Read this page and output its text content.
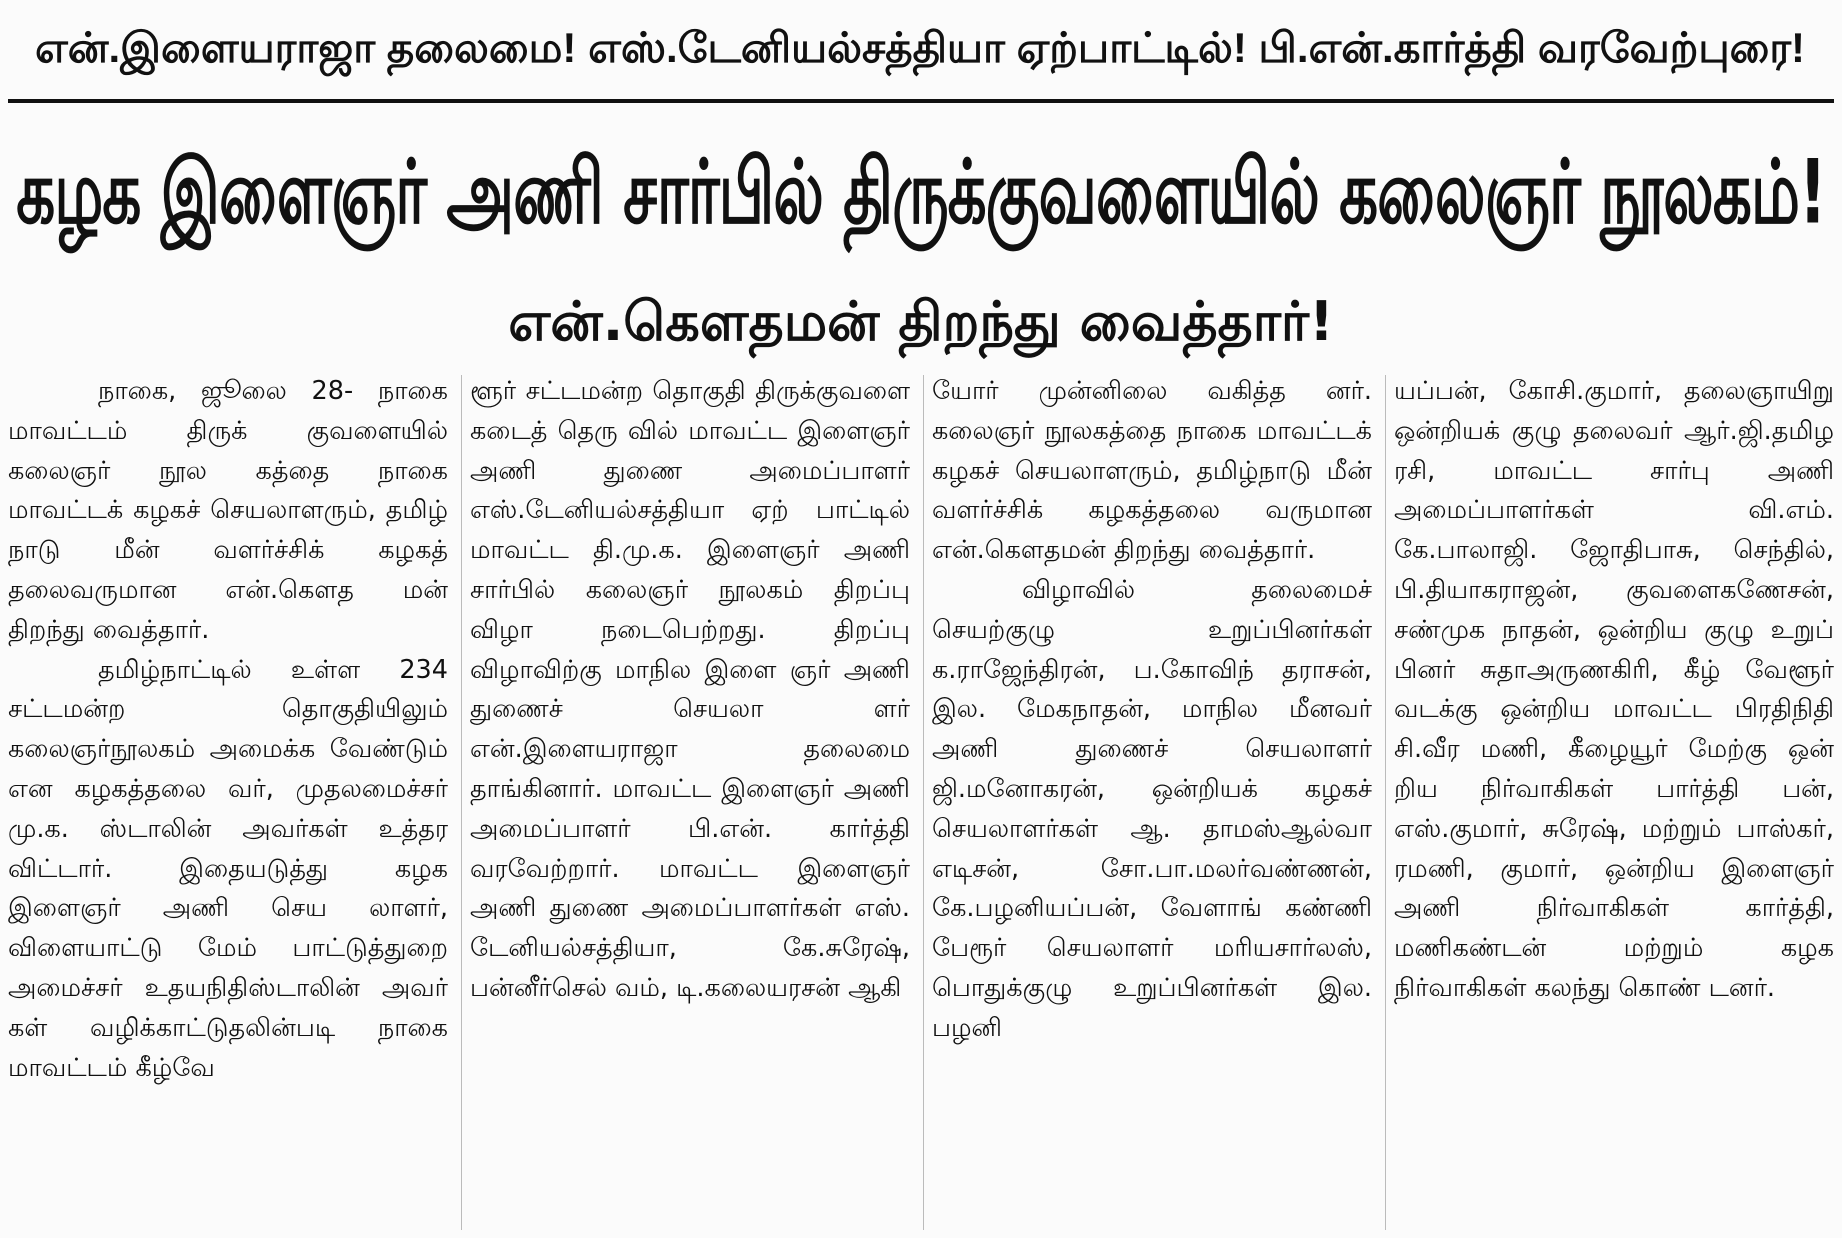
என்.இளையராஜா தலைமை! எஸ்.டேனியல்சத்தியா ஏற்பாட்டில்! பி.என்.கார்த்தி வரவேற்புரை!
கழக இளைஞர் அணி சார்பில் திருக்குவளையில் கலைஞர் நூலகம்!
என்.கௌதமன் திறந்து வைத்தார்!

நாகை, ஜூலை 28- நாகை மாவட்டம் திருக் குவளையில் கலைஞர் நூல கத்தை நாகை மாவட்டக் கழகச் செயலாளரும், தமிழ் நாடு மீன் வளர்ச்சிக் கழகத் தலைவருமான என்.கௌத மன் திறந்து வைத்தார்.

தமிழ்நாட்டில் உள்ள 234 சட்டமன்ற தொகுதியிலும் கலைஞர்நூலகம் அமைக்க வேண்டும் என கழகத்தலை வர், முதலமைச்சர் மு.க. ஸ்டாலின் அவர்கள் உத்தர விட்டார். இதையடுத்து கழக இளைஞர் அணி செய லாளர், விளையாட்டு மேம் பாட்டுத்துறை அமைச்சர் உதயநிதிஸ்டாலின் அவர் கள் வழிக்காட்டுதலின்படி நாகை மாவட்டம் கீழ்வே

ளூர் சட்டமன்ற தொகுதி திருக்குவளை கடைத் தெரு வில் மாவட்ட இளைஞர் அணி துணை அமைப்பாளர் எஸ்.டேனியல்சத்தியா ஏற் பாட்டில் மாவட்ட தி.மு.க. இளைஞர் அணி சார்பில் கலைஞர் நூலகம் திறப்பு விழா நடைபெற்றது. திறப்பு விழாவிற்கு மாநில இளை ஞர் அணி துணைச் செயலா ளர் என்.இளையராஜா தலைமை தாங்கினார். மாவட்ட இளைஞர் அணி அமைப்பாளர் பி.என். கார்த்தி வரவேற்றார். மாவட்ட இளைஞர் அணி துணை அமைப்பாளர்கள் எஸ். டேனியல்சத்தியா, கே.சுரேஷ், பன்னீர்செல் வம், டி.கலையரசன் ஆகி

யோர் முன்னிலை வகித்த னர். கலைஞர் நூலகத்தை நாகை மாவட்டக் கழகச் செயலாளரும், தமிழ்நாடு மீன் வளர்ச்சிக் கழகத்தலை வருமான என்.கௌதமன் திறந்து வைத்தார்.

விழாவில் தலைமைச் செயற்குழு உறுப்பினர்கள் க.ராஜேந்திரன், ப.கோவிந் தராசன், இல. மேகநாதன், மாநில மீனவர் அணி துணைச் செயலாளர் ஜி.மனோகரன், ஒன்றியக் கழகச் செயலாளர்கள் ஆ. தாமஸ்ஆல்வா எடிசன், சோ.பா.மலர்வண்ணன், கே.பழனியப்பன், வேளாங் கண்ணி பேரூர் செயலாளர் மரியசார்லஸ், பொதுக்குழு உறுப்பினர்கள் இல. பழனி

யப்பன், கோசி.குமார், தலைஞாயிறு ஒன்றியக் குழு தலைவர் ஆர்.ஜி.தமிழ ரசி, மாவட்ட சார்பு அணி அமைப்பாளர்கள் வி.எம். கே.பாலாஜி. ஜோதிபாசு, செந்தில், பி.தியாகராஜன், குவளைகணேசன், சண்முக நாதன், ஒன்றிய குழு உறுப் பினர் சுதாஅருணகிரி, கீழ் வேளூர் வடக்கு ஒன்றிய மாவட்ட பிரதிநிதி சி.வீர மணி, கீழையூர் மேற்கு ஒன் றிய நிர்வாகிகள் பார்த்தி பன், எஸ்.குமார், சுரேஷ், மற்றும் பாஸ்கர், ரமணி, குமார், ஒன்றிய இளைஞர் அணி நிர்வாகிகள் கார்த்தி, மணிகண்டன் மற்றும் கழக நிர்வாகிகள் கலந்து கொண் டனர்.
